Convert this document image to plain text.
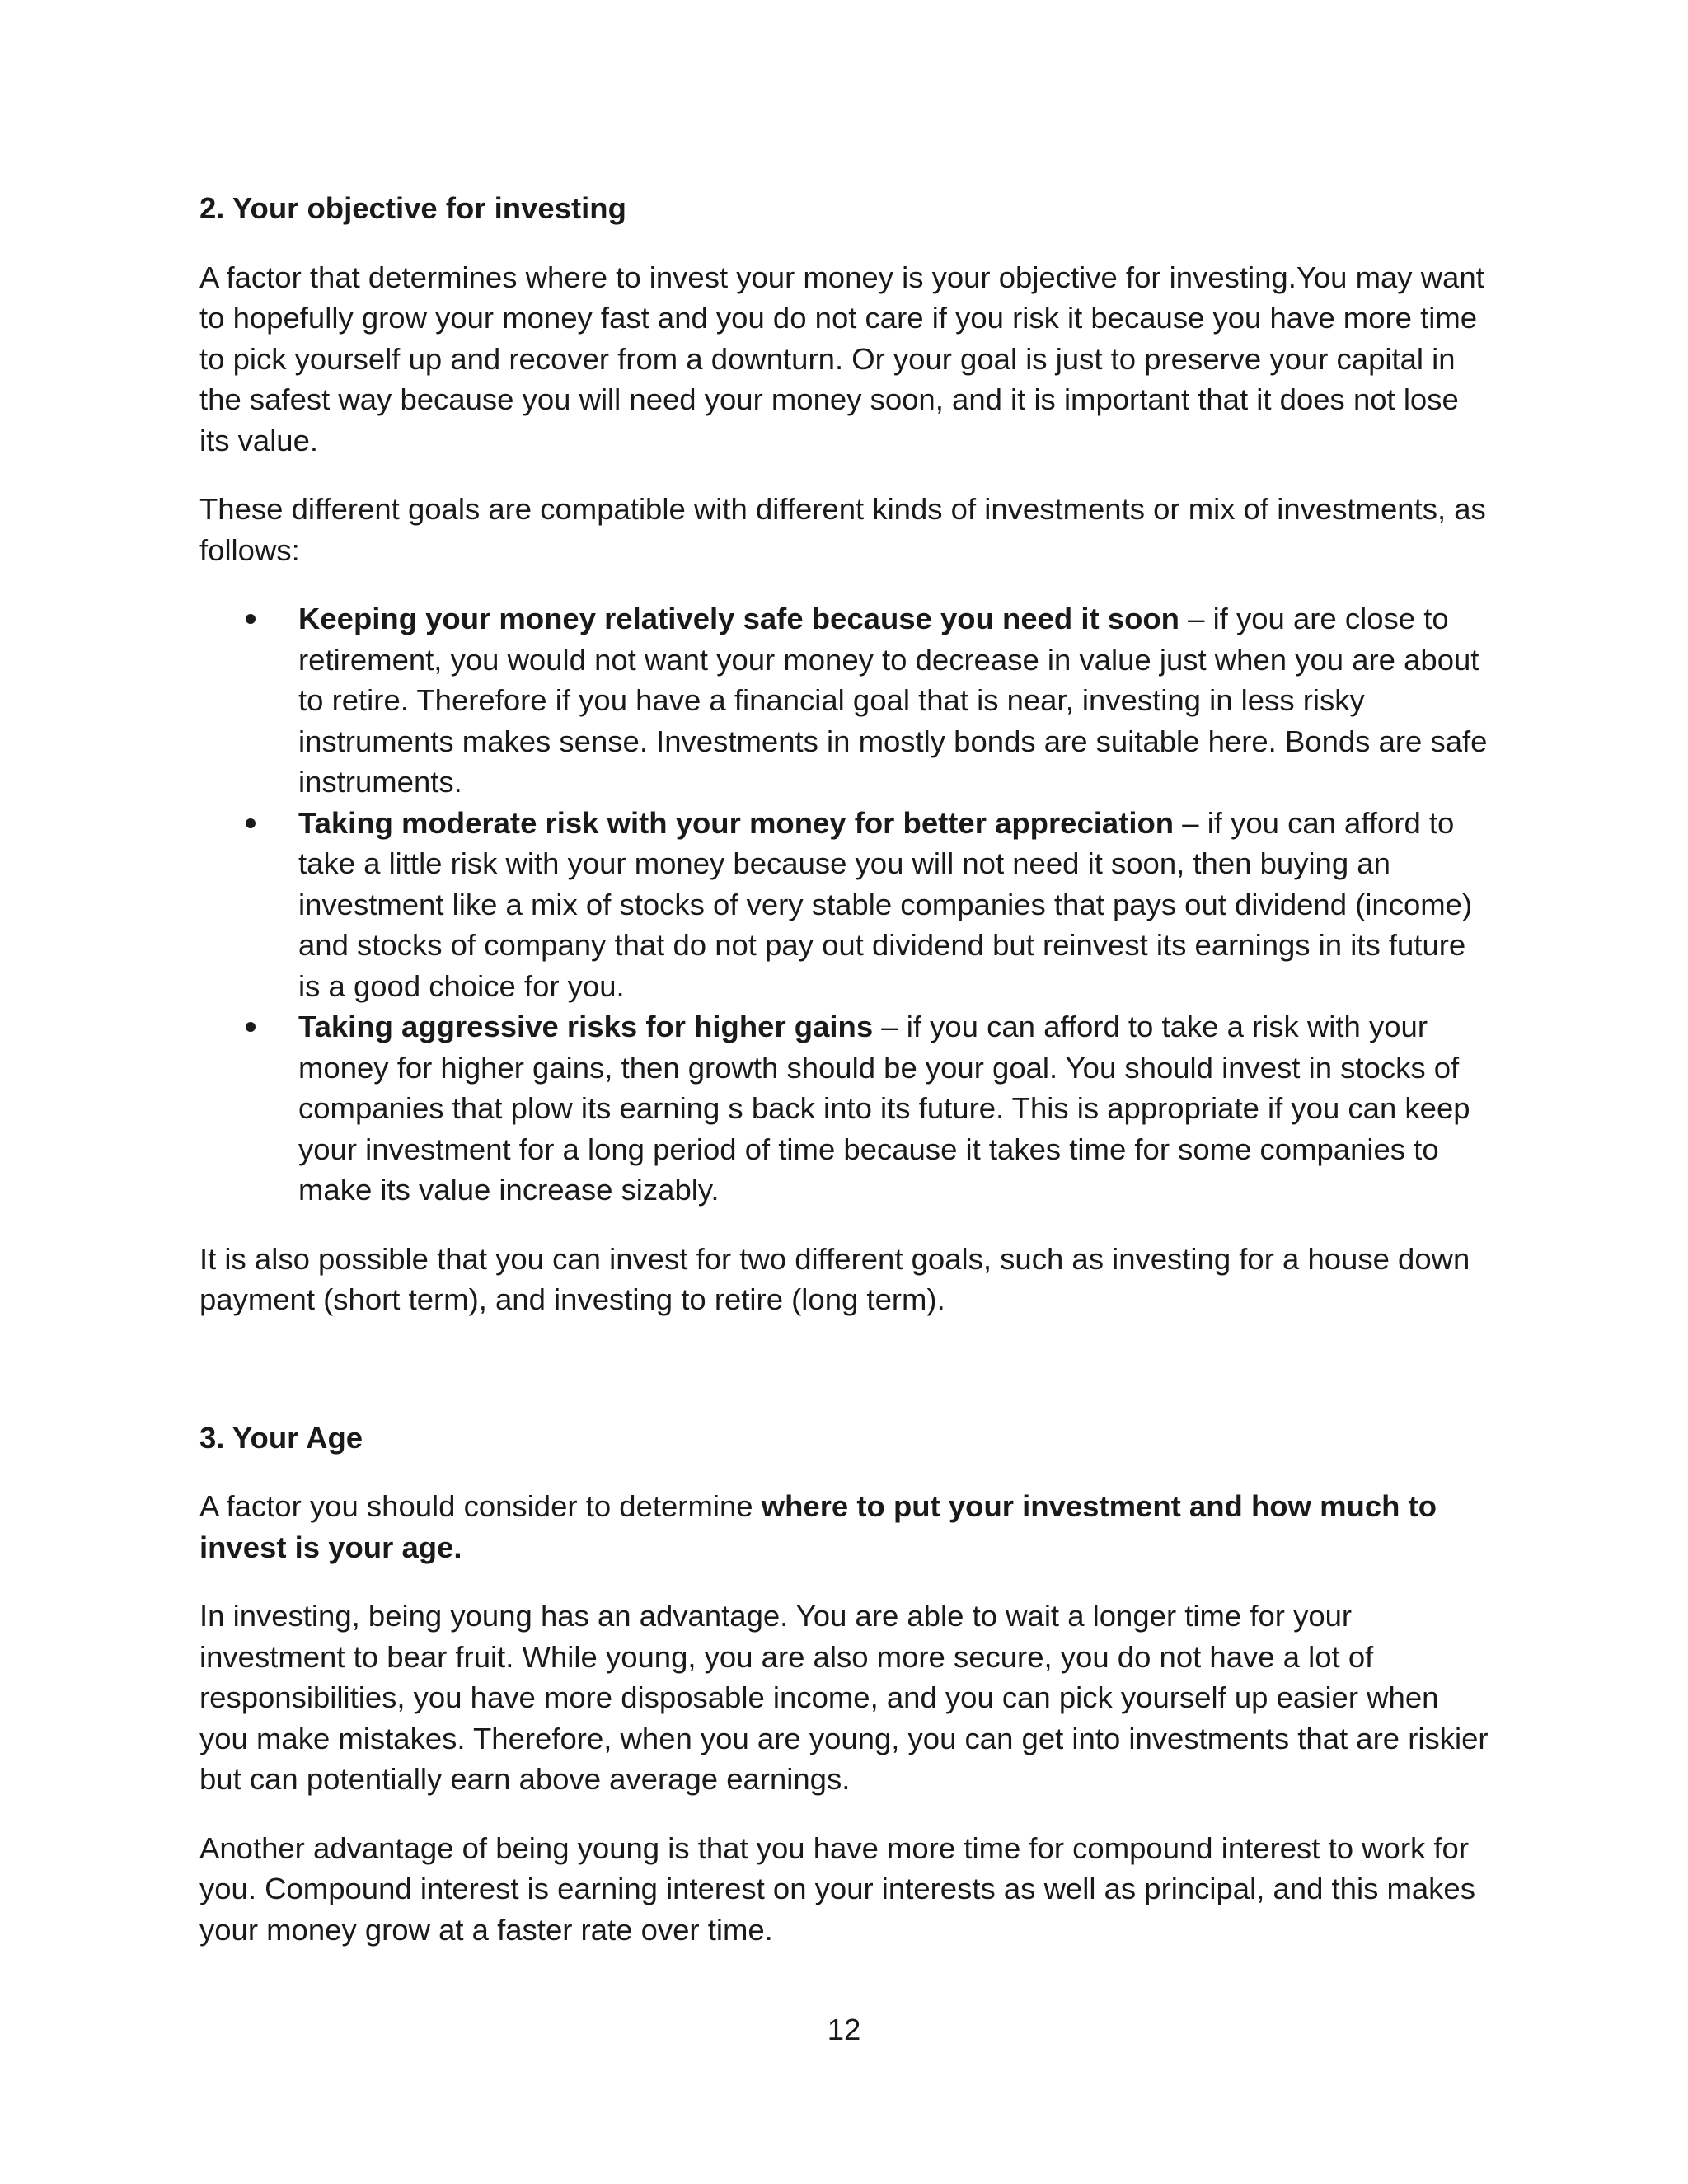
2. Your objective for investing

A factor that determines where to invest your money is your objective for investing.You may want to hopefully grow your money fast and you do not care if you risk it because you have more time to pick yourself up and recover from a downturn. Or your goal is just to preserve your capital in the safest way because you will need your money soon, and it is important that it does not lose its value.

These different goals are compatible with different kinds of investments or mix of investments, as follows:

Keeping your money relatively safe because you need it soon – if you are close to retirement, you would not want your money to decrease in value just when you are about to retire. Therefore if you have a financial goal that is near, investing in less risky instruments makes sense. Investments in mostly bonds are suitable here. Bonds are safe instruments.
Taking moderate risk with your money for better appreciation – if you can afford to take a little risk with your money because you will not need it soon, then buying an investment like a mix of stocks of very stable companies that pays out dividend (income) and stocks of company that do not pay out dividend but reinvest its earnings in its future is a good choice for you.
Taking aggressive risks for higher gains – if you can afford to take a risk with your money for higher gains, then growth should be your goal. You should invest in stocks of companies that plow its earning s back into its future. This is appropriate if you can keep your investment for a long period of time because it takes time for some companies to make its value increase sizably.

It is also possible that you can invest for two different goals, such as investing for a house down payment (short term), and investing to retire (long term).

3. Your Age

A factor you should consider to determine where to put your investment and how much to invest is your age.

In investing, being young has an advantage. You are able to wait a longer time for your investment to bear fruit. While young, you are also more secure, you do not have a lot of responsibilities, you have more disposable income, and you can pick yourself up easier when you make mistakes. Therefore, when you are young, you can get into investments that are riskier but can potentially earn above average earnings.

Another advantage of being young is that you have more time for compound interest to work for you. Compound interest is earning interest on your interests as well as principal, and this makes your money grow at a faster rate over time.

12
